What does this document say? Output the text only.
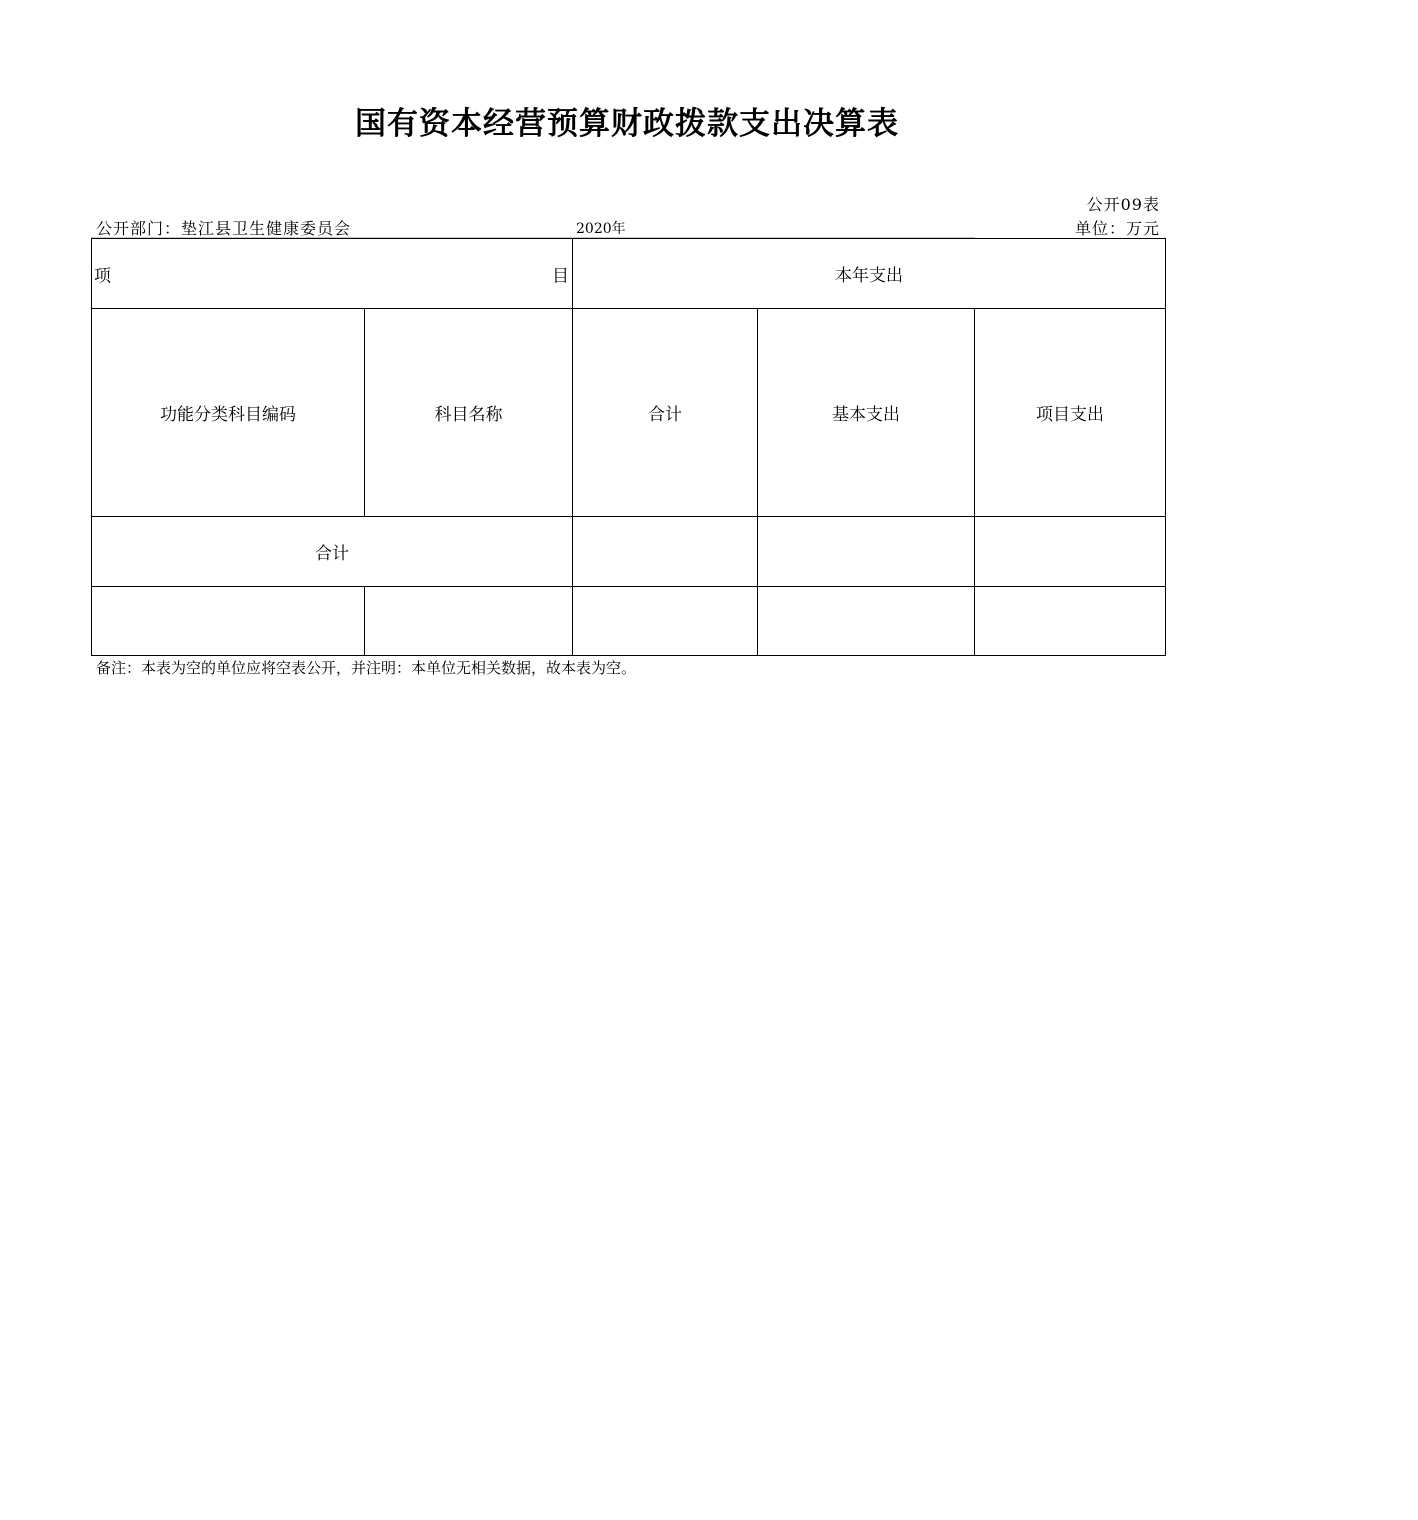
国有资本经营预算财政拨款支出决算表
公开09表
公开部门：垫江县卫生健康委员会	2020年	单位：万元
项 目		本年支出		
功能分类科目编码	科目名称	合计	基本支出	项目支出
合计				

备注：本表为空的单位应将空表公开，并注明：本单位无相关数据，故本表为空。
